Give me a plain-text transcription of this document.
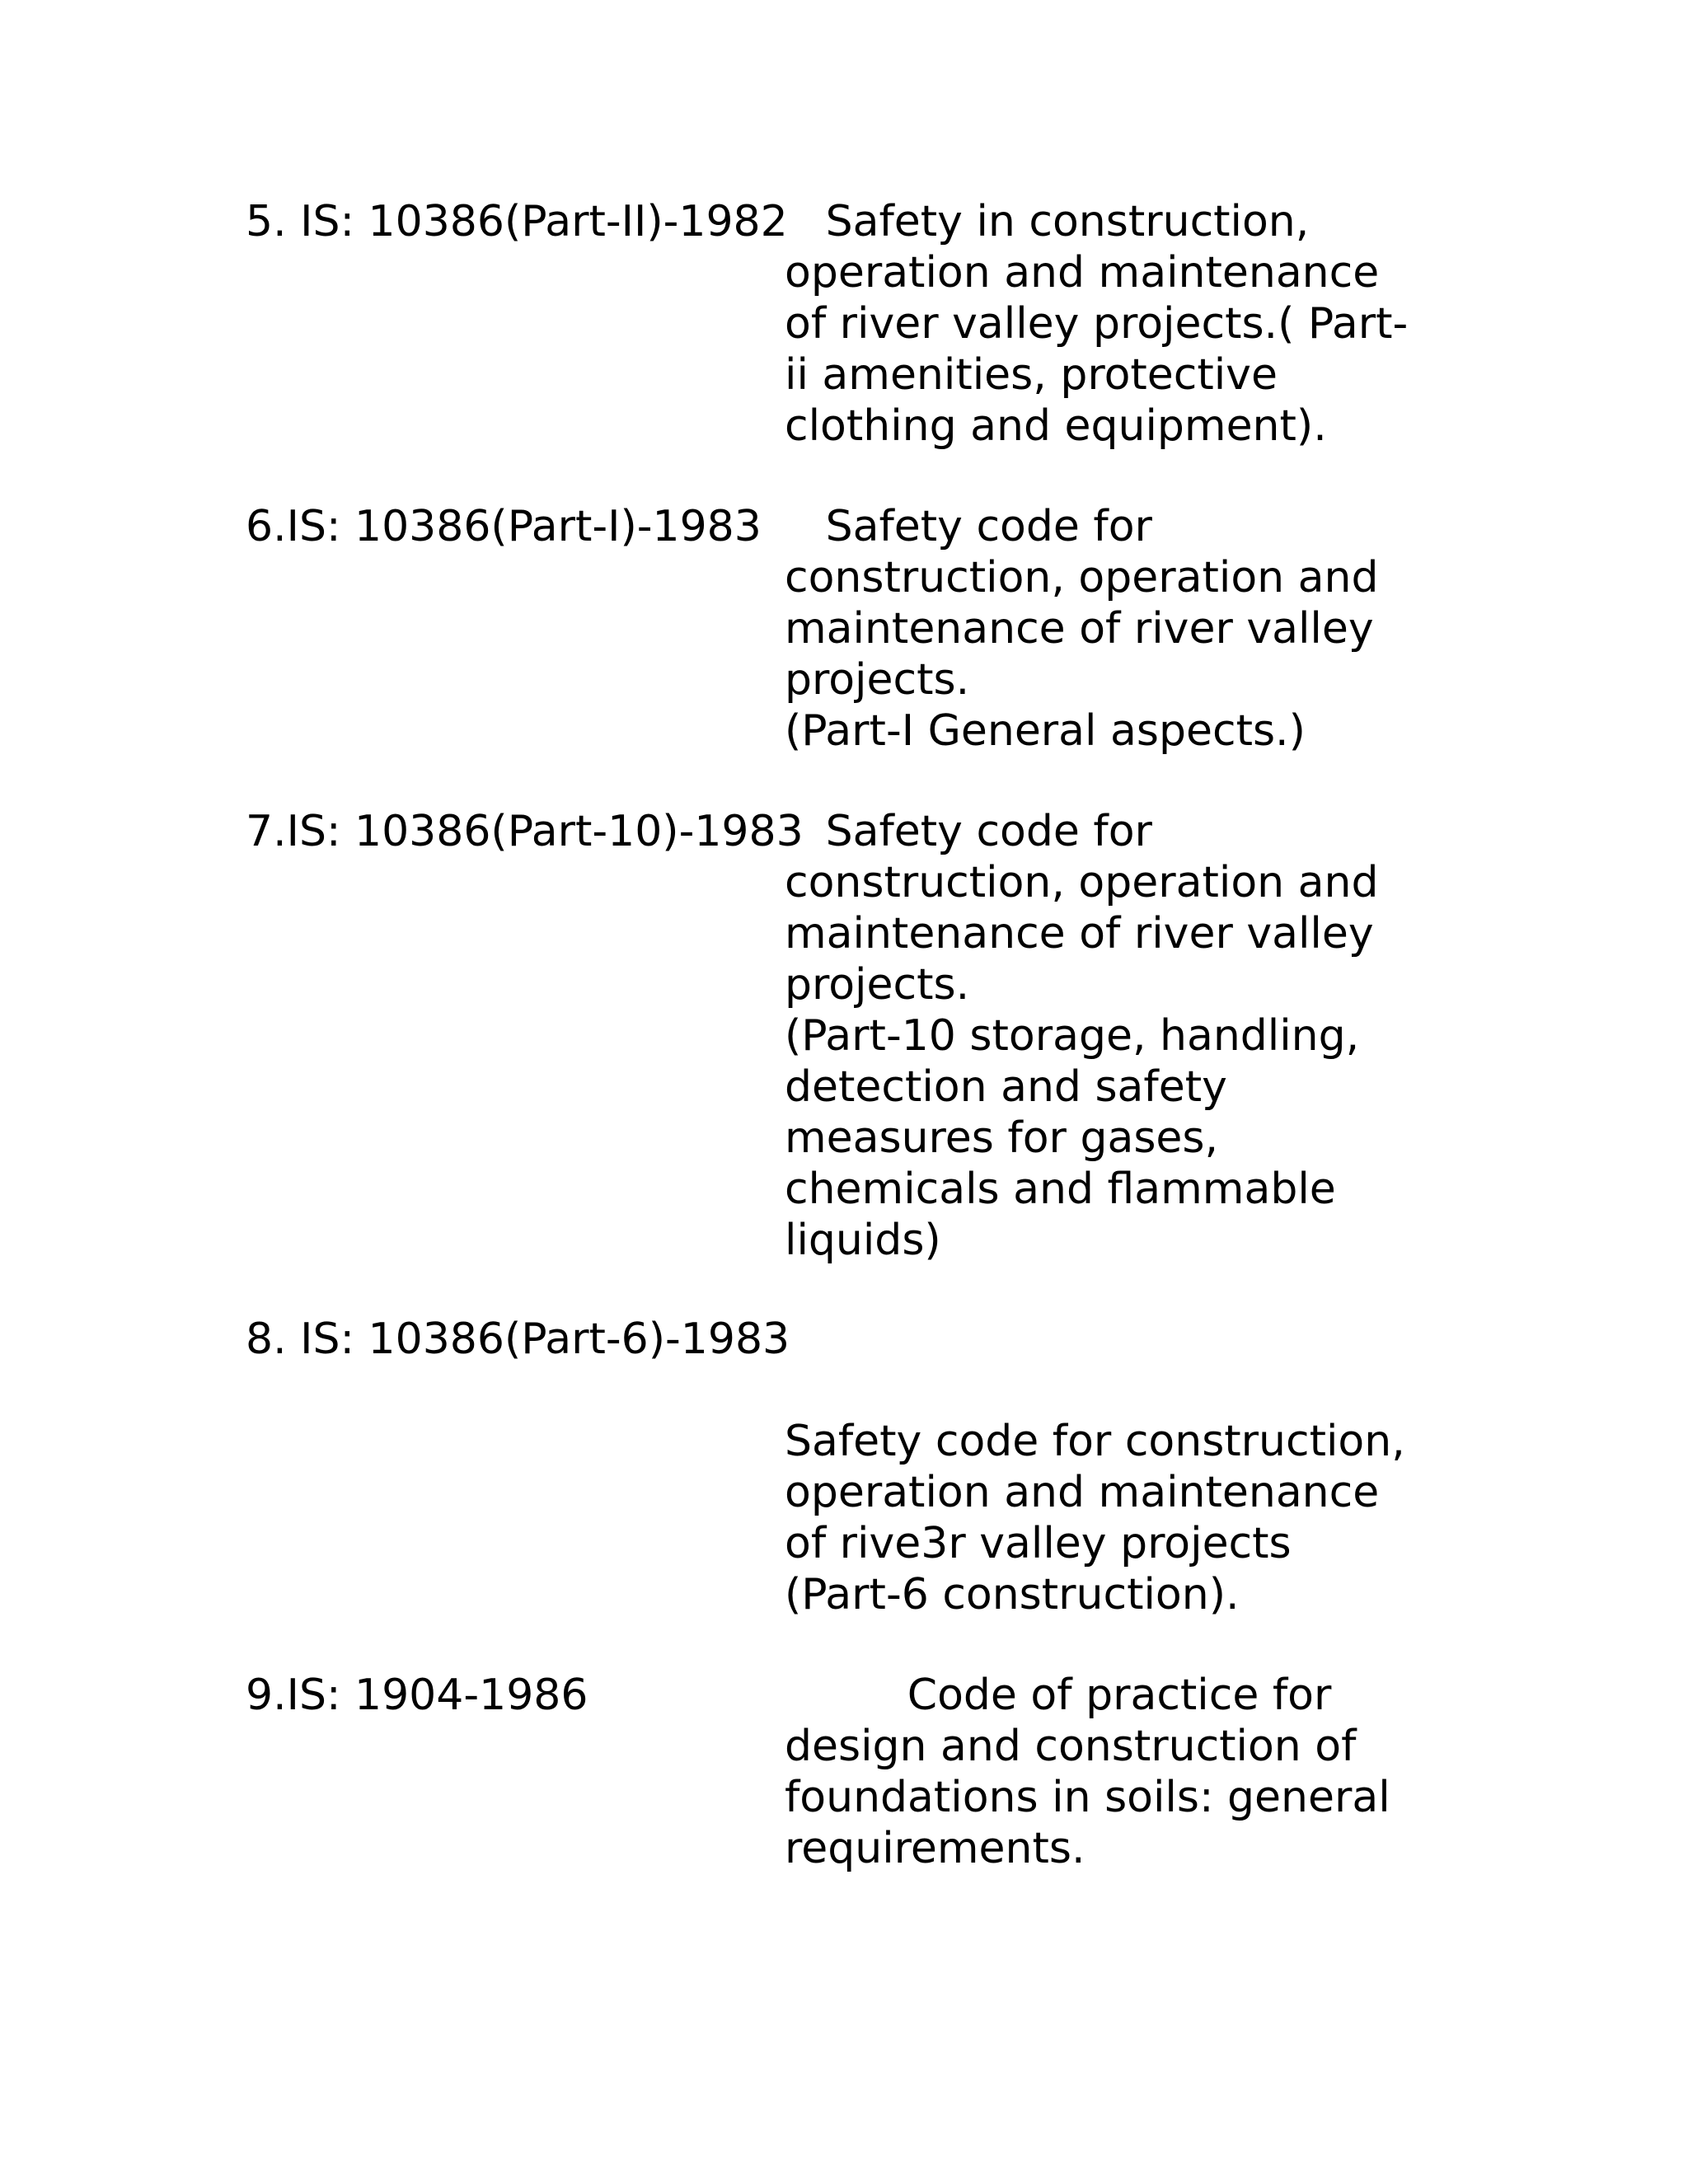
5. IS: 10386(Part-II)-1982
Safety in construction,
operation and maintenance
of river valley projects.( Part-
ii amenities, protective
clothing and equipment).
6.IS: 10386(Part-I)-1983 Safety code for
construction, operation and
maintenance of river valley
projects.
(Part-I General aspects.)
7.IS: 10386(Part-10)-1983
Safety code for
construction, operation and
maintenance of river valley
projects.
(Part-10 storage, handling,
detection and safety
measures for gases,
chemicals and flammable
liquids)
8. IS: 10386(Part-6)-1983
Safety code for construction,
operation and maintenance
of rive3r valley projects
(Part-6 construction).
9.IS: 1904-1986	Code of practice for
design and construction of
foundations in soils: general
requirements.
